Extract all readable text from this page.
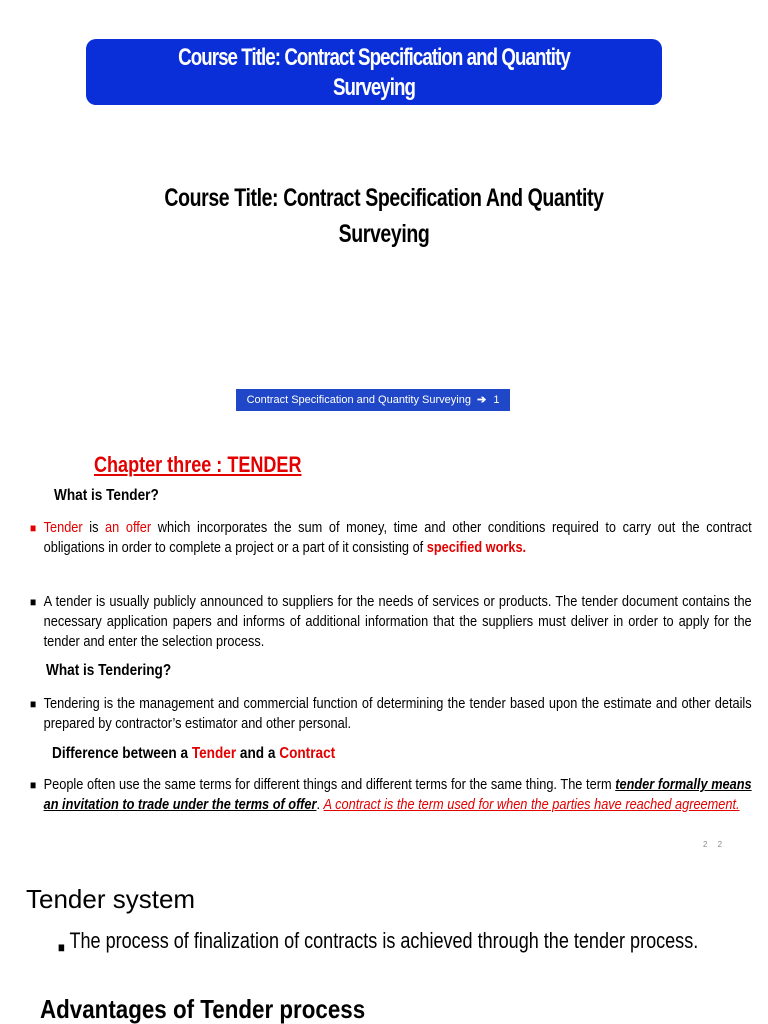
Course Title: Contract Specification and Quantity
Surveying
Course Title: Contract Specification And Quantity
Surveying
Contract Specification and Quantity Surveying ➔ 1
Chapter three : TENDER
What is Tender?
■ Tender is an offer which incorporates the sum of money, time and other conditions required to carry out the contract obligations in order to complete a project or a part of it consisting of specified works.
■ A tender is usually publicly announced to suppliers for the needs of services or products. The tender document contains the necessary application papers and informs of additional information that the suppliers must deliver in order to apply for the tender and enter the selection process.
What is Tendering?
■ Tendering is the management and commercial function of determining the tender based upon the estimate and other details prepared by contractor’s estimator and other personal.
Difference between a Tender and a Contract
■ People often use the same terms for different things and different terms for the same thing. The term tender formally means an invitation to trade under the terms of offer. A contract is the term used for when the parties have reached agreement.
2 2
Tender system
■ The process of finalization of contracts is achieved through the tender process.
Advantages of Tender process
